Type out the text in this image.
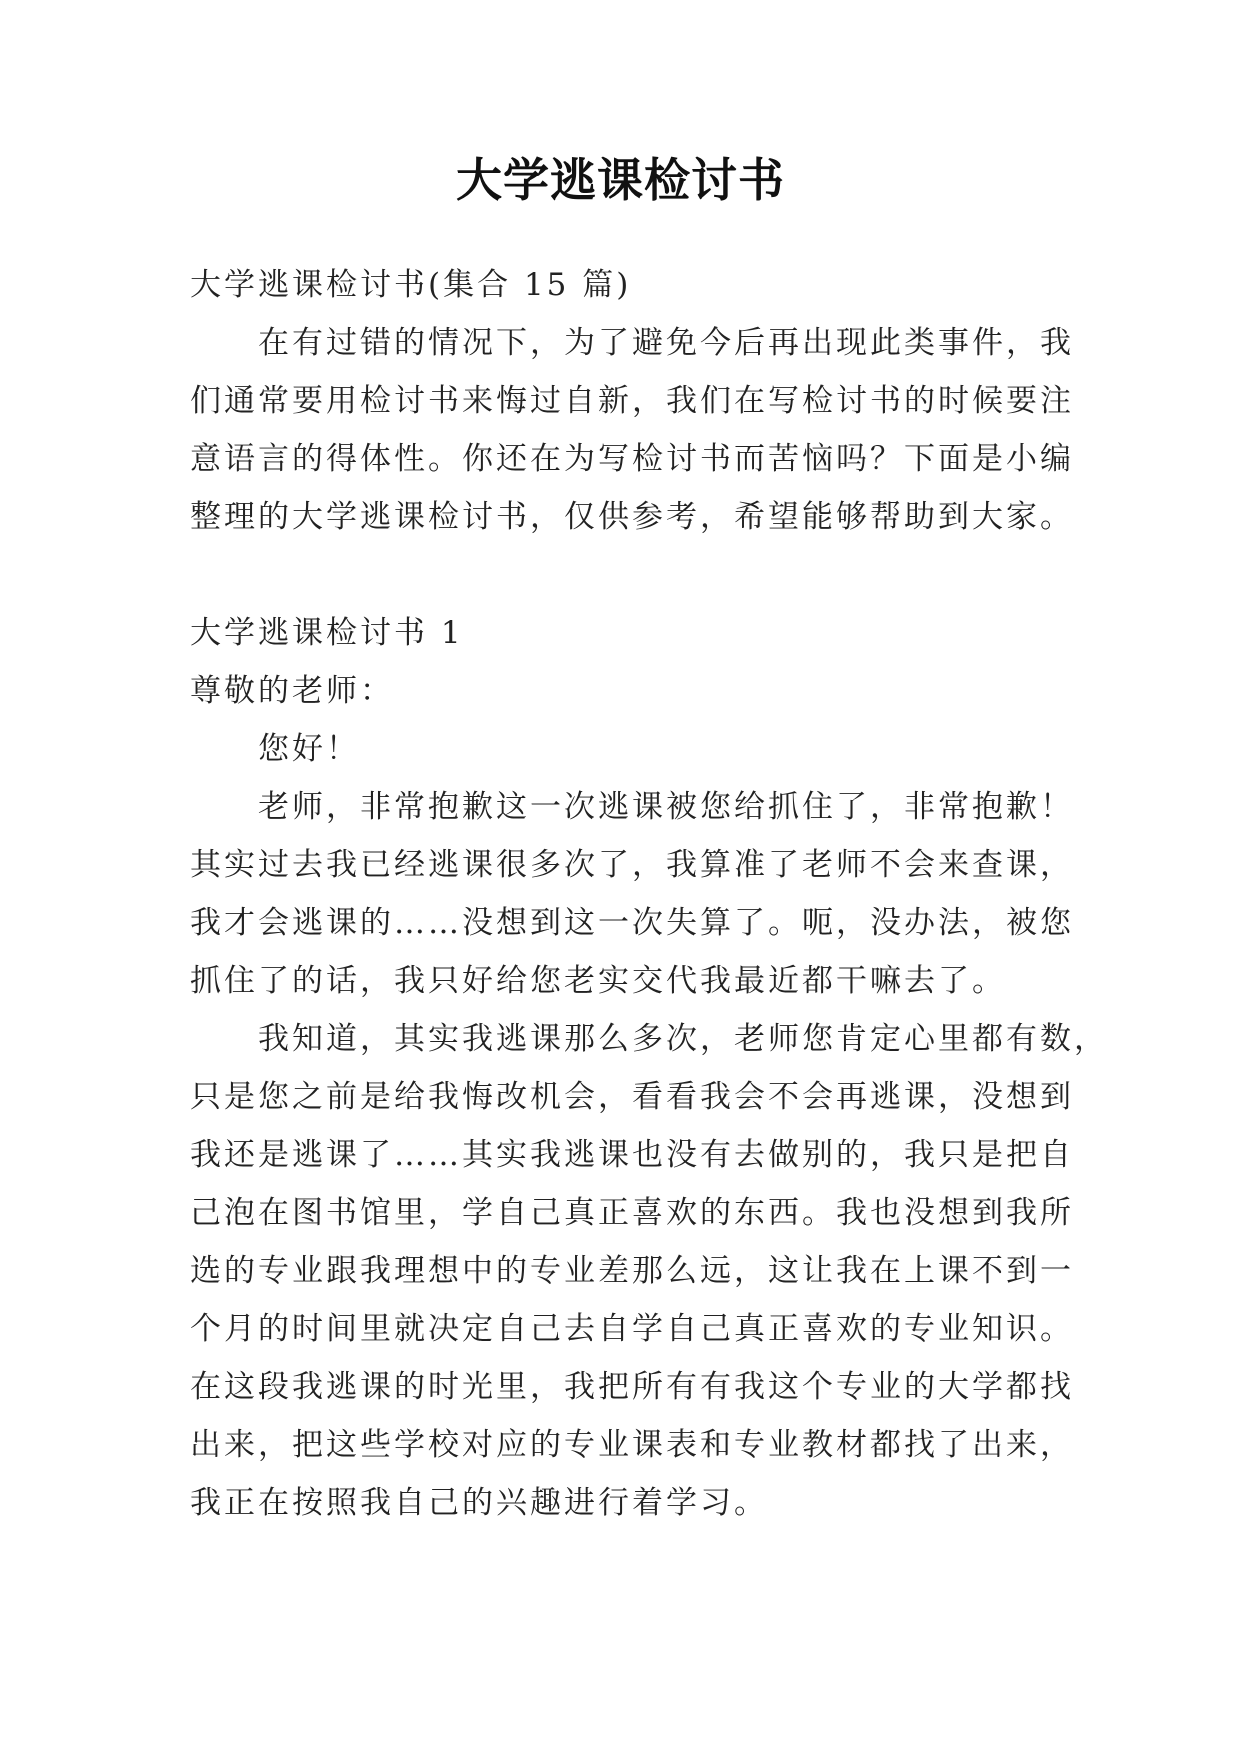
大学逃课检讨书
大学逃课检讨书(集合 15 篇)
在有过错的情况下，为了避免今后再出现此类事件，我
们通常要用检讨书来悔过自新，我们在写检讨书的时候要注
意语言的得体性。你还在为写检讨书而苦恼吗？下面是小编
整理的大学逃课检讨书，仅供参考，希望能够帮助到大家。
大学逃课检讨书 1
尊敬的老师：
您好！
老师，非常抱歉这一次逃课被您给抓住了，非常抱歉！
其实过去我已经逃课很多次了，我算准了老师不会来查课，
我才会逃课的……没想到这一次失算了。呃，没办法，被您
抓住了的话，我只好给您老实交代我最近都干嘛去了。
我知道，其实我逃课那么多次，老师您肯定心里都有数，
只是您之前是给我悔改机会，看看我会不会再逃课，没想到
我还是逃课了……其实我逃课也没有去做别的，我只是把自
己泡在图书馆里，学自己真正喜欢的东西。我也没想到我所
选的专业跟我理想中的专业差那么远，这让我在上课不到一
个月的时间里就决定自己去自学自己真正喜欢的专业知识。
在这段我逃课的时光里，我把所有有我这个专业的大学都找
出来，把这些学校对应的专业课表和专业教材都找了出来，
我正在按照我自己的兴趣进行着学习。
